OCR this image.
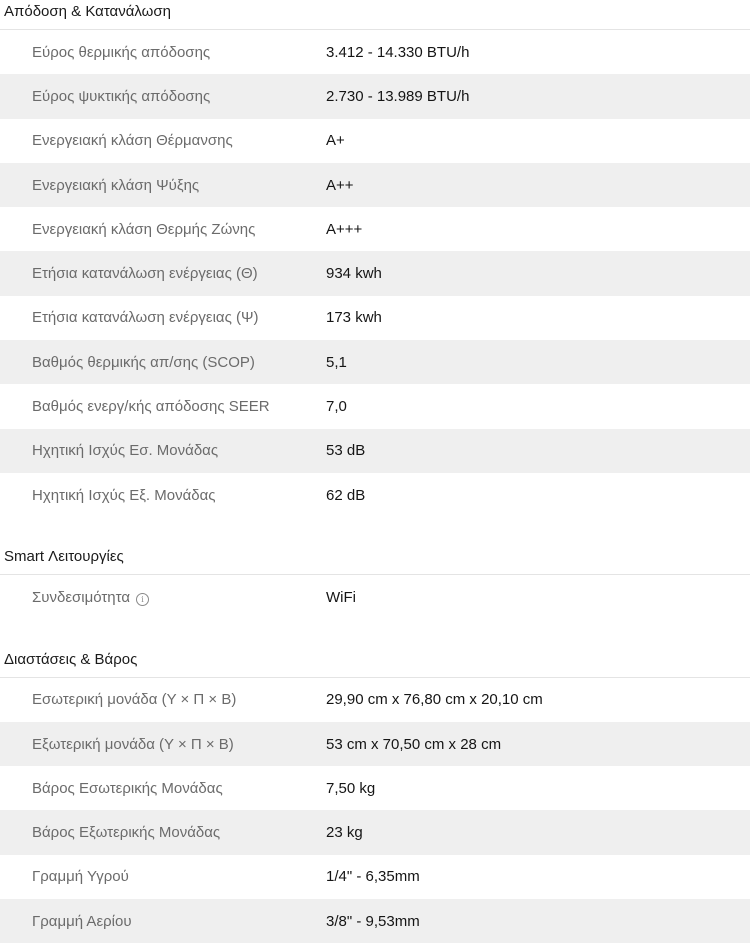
Απόδοση & Κατανάλωση
Εύρος θερμικής απόδοσης	3.412 - 14.330 BTU/h
Εύρος ψυκτικής απόδοσης	2.730 - 13.989 BTU/h
Ενεργειακή κλάση Θέρμανσης	A+
Ενεργειακή κλάση Ψύξης	A++
Ενεργειακή κλάση Θερμής Ζώνης	A+++
Ετήσια κατανάλωση ενέργειας (Θ)	934 kwh
Ετήσια κατανάλωση ενέργειας (Ψ)	173 kwh
Βαθμός θερμικής απ/σης (SCOP)	5,1
Βαθμός ενεργ/κής απόδοσης SEER	7,0
Ηχητική Ισχύς Εσ. Μονάδας	53 dB
Ηχητική Ισχύς Εξ. Μονάδας	62 dB
Smart Λειτουργίες
Συνδεσιμότητα i	WiFi
Διαστάσεις & Βάρος
Εσωτερική μονάδα (Υ × Π × Β)	29,90 cm x 76,80 cm x 20,10 cm
Εξωτερική μονάδα (Υ × Π × Β)	53 cm x 70,50 cm x 28 cm
Βάρος Εσωτερικής Μονάδας	7,50 kg
Βάρος Εξωτερικής Μονάδας	23 kg
Γραμμή Υγρού	1/4" - 6,35mm
Γραμμή Αερίου	3/8" - 9,53mm
